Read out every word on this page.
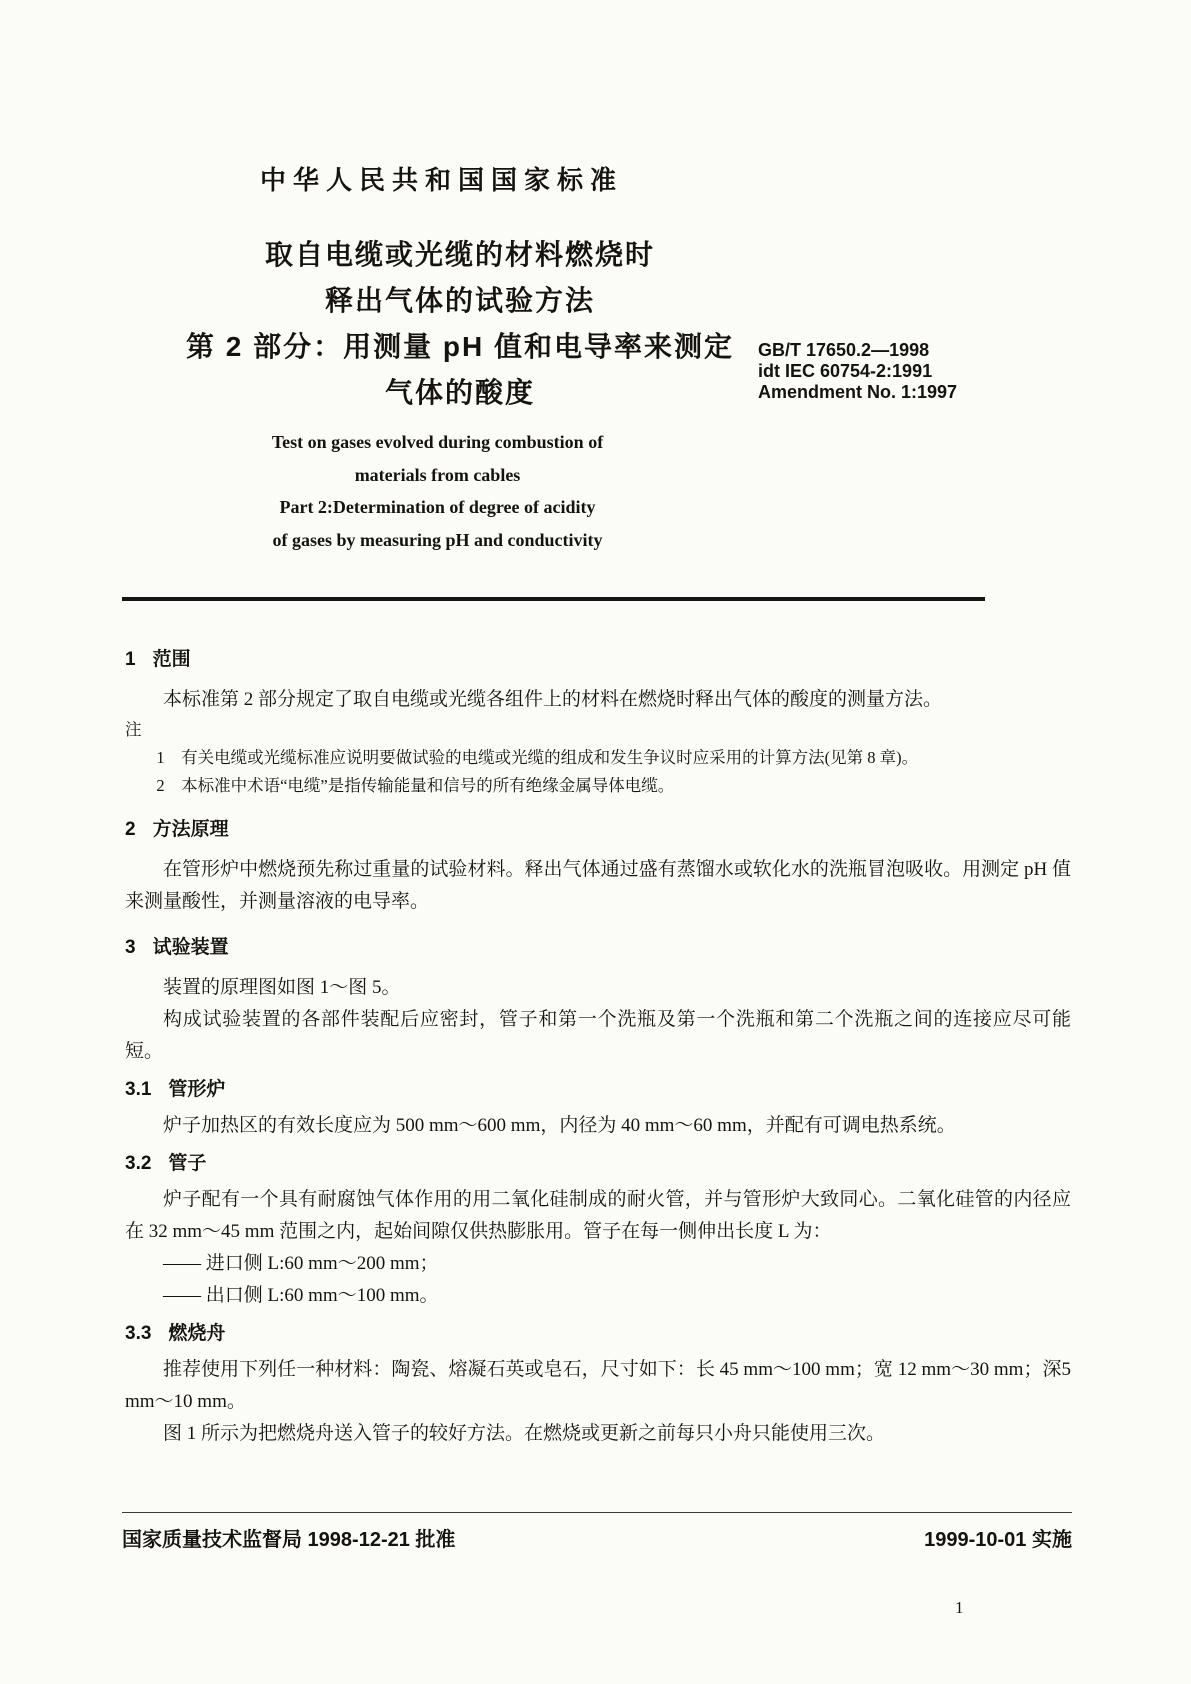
中华人民共和国国家标准
取自电缆或光缆的材料燃烧时
释出气体的试验方法
第 2 部分：用测量 pH 值和电导率来测定
气体的酸度
GB/T 17650.2—1998
idt IEC 60754-2:1991
Amendment No. 1:1997
Test on gases evolved during combustion of
materials from cables
Part 2:Determination of degree of acidity
of gases by measuring pH and conductivity
1 范围

本标准第 2 部分规定了取自电缆或光缆各组件上的材料在燃烧时释出气体的酸度的测量方法。

注

1　有关电缆或光缆标准应说明要做试验的电缆或光缆的组成和发生争议时应采用的计算方法(见第 8 章)。

2　本标准中术语“电缆”是指传输能量和信号的所有绝缘金属导体电缆。

2 方法原理

在管形炉中燃烧预先称过重量的试验材料。释出气体通过盛有蒸馏水或软化水的洗瓶冒泡吸收。用测定 pH 值来测量酸性，并测量溶液的电导率。

3 试验装置

装置的原理图如图 1～图 5。

构成试验装置的各部件装配后应密封，管子和第一个洗瓶及第一个洗瓶和第二个洗瓶之间的连接应尽可能短。

3.1 管形炉

炉子加热区的有效长度应为 500 mm～600 mm，内径为 40 mm～60 mm，并配有可调电热系统。

3.2 管子

炉子配有一个具有耐腐蚀气体作用的用二氧化硅制成的耐火管，并与管形炉大致同心。二氧化硅管的内径应在 32 mm～45 mm 范围之内，起始间隙仅供热膨胀用。管子在每一侧伸出长度 L 为：

—— 进口侧 L:60 mm～200 mm；

—— 出口侧 L:60 mm～100 mm。

3.3 燃烧舟

推荐使用下列任一种材料：陶瓷、熔凝石英或皂石，尺寸如下：长 45 mm～100 mm；宽 12 mm～30 mm；深5 mm～10 mm。

图 1 所示为把燃烧舟送入管子的较好方法。在燃烧或更新之前每只小舟只能使用三次。

国家质量技术监督局 1998-12-21 批准	1999-10-01 实施
1
